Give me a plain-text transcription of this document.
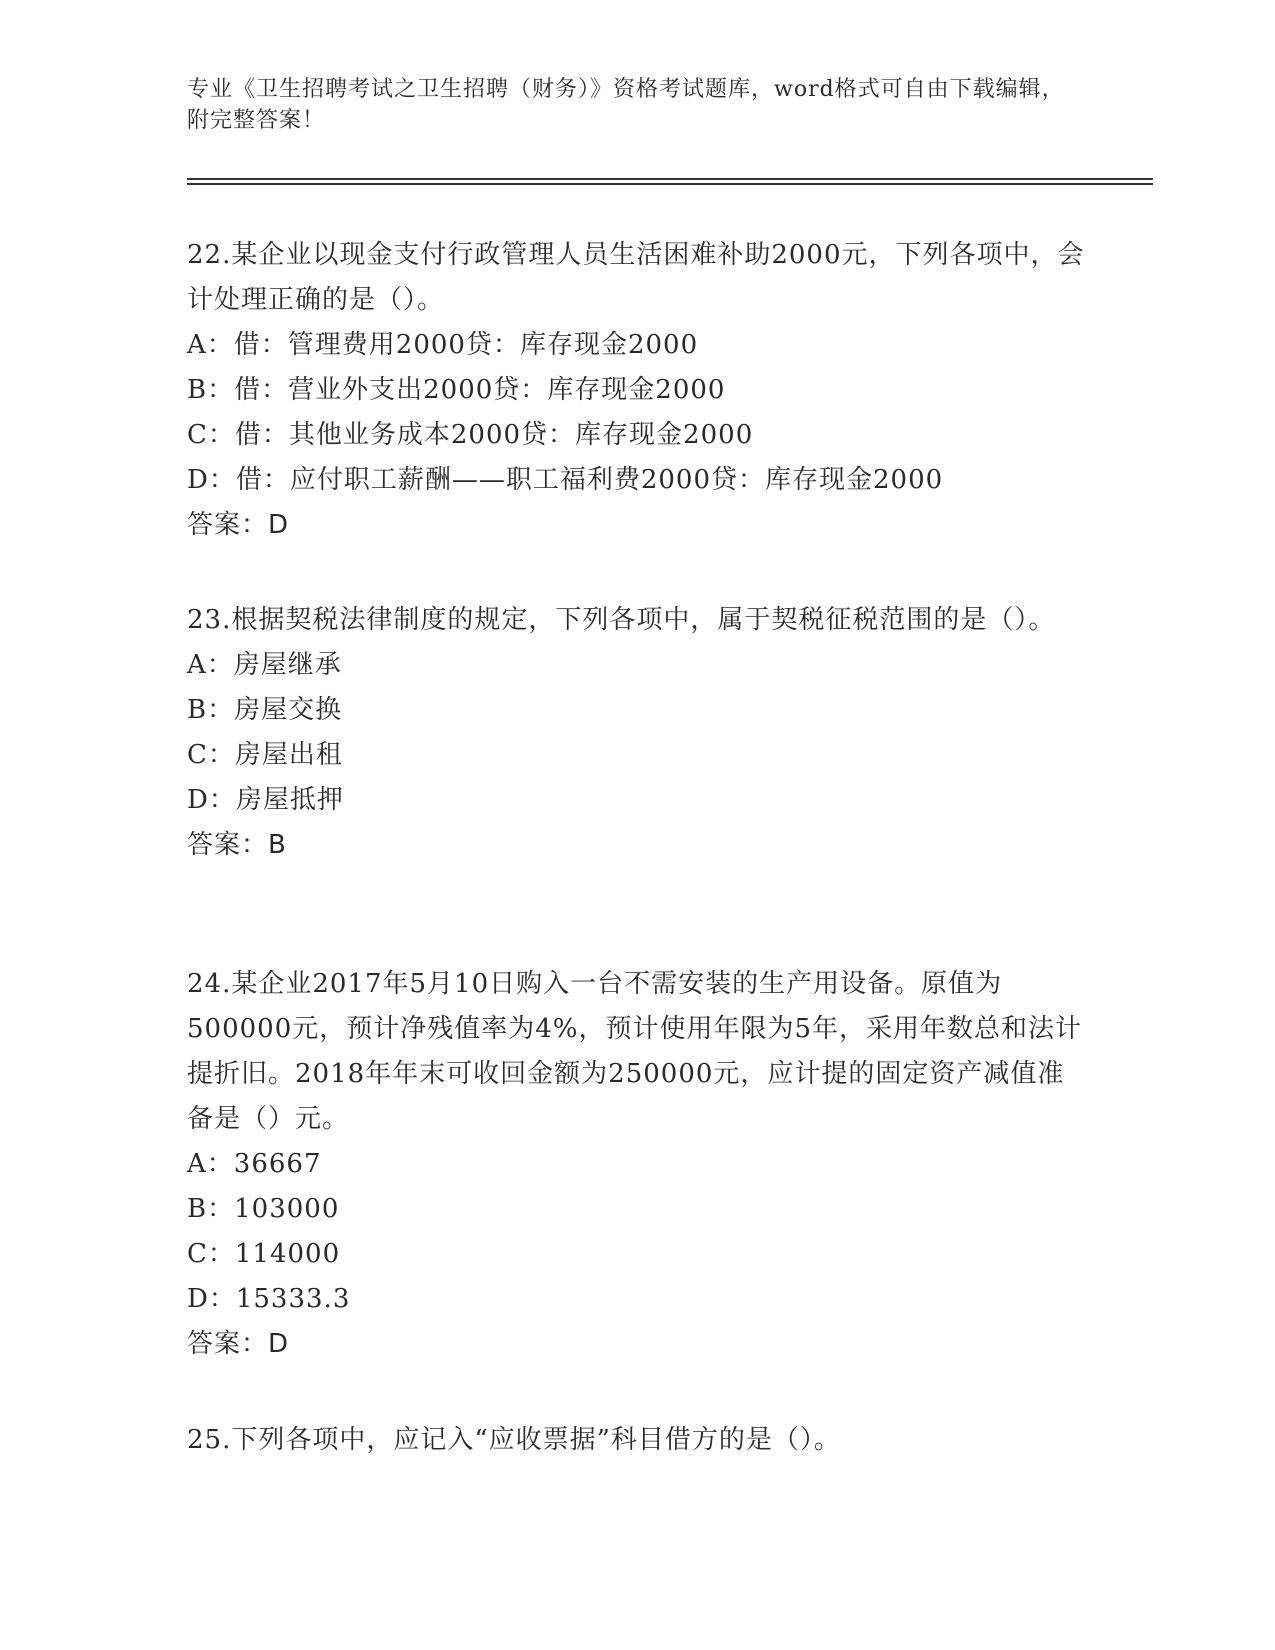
专业《卫生招聘考试之卫生招聘（财务）》资格考试题库，word格式可自由下载编辑，附完整答案！

22.某企业以现金支付行政管理人员生活困难补助2000元，下列各项中，会计处理正确的是（）。

A：借：管理费用2000贷：库存现金2000

B：借：营业外支出2000贷：库存现金2000

C：借：其他业务成本2000贷：库存现金2000

D：借：应付职工薪酬——职工福利费2000贷：库存现金2000

答案：D

23.根据契税法律制度的规定，下列各项中，属于契税征税范围的是（）。

A：房屋继承

B：房屋交换

C：房屋出租

D：房屋抵押

答案：B

24.某企业2017年5月10日购入一台不需安装的生产用设备。原值为500000元，预计净残值率为4%，预计使用年限为5年，采用年数总和法计提折旧。2018年年末可收回金额为250000元，应计提的固定资产减值准备是（）元。

A：36667

B：103000

C：114000

D：15333.3

答案：D

25.下列各项中，应记入“应收票据”科目借方的是（）。
